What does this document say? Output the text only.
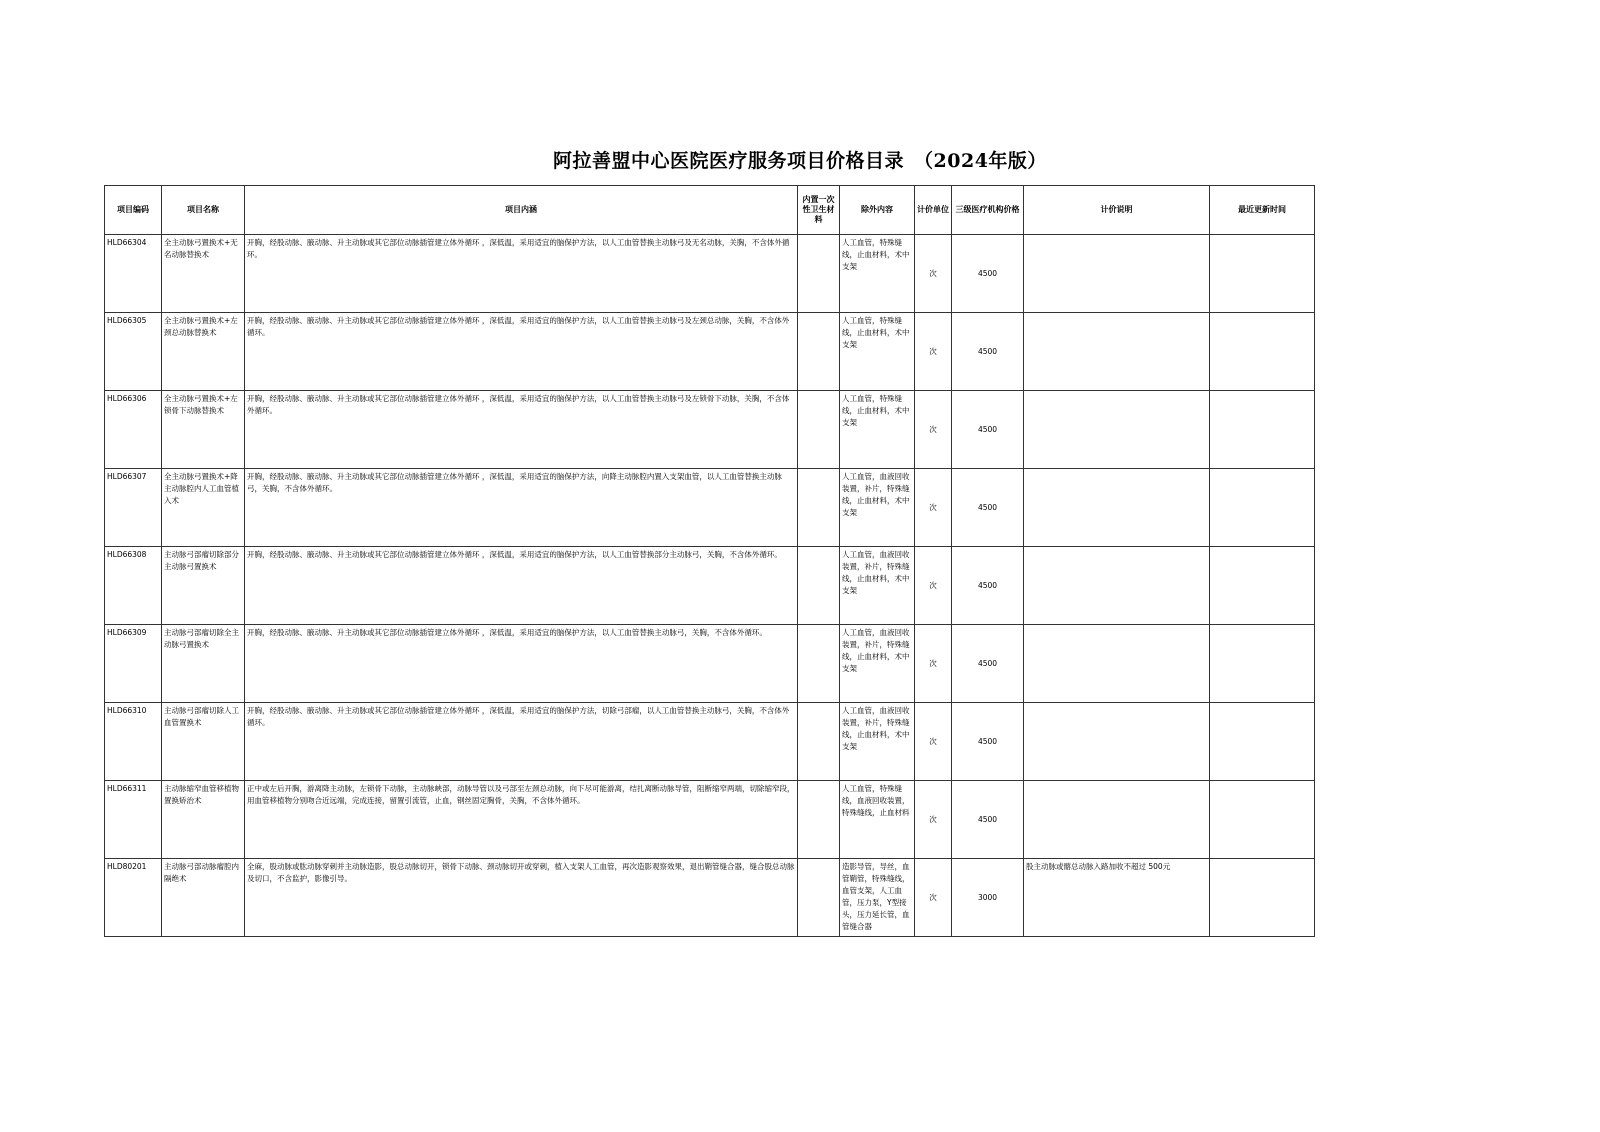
阿拉善盟中心医院医疗服务项目价格目录　（2024年版）
项目编码	项目名称	项目内涵	内置一次性卫生材料	除外内容	计价单位	三级医疗机构价格	计价说明	最近更新时间
HLD66304	全主动脉弓置换术+无名动脉替换术	开胸，经股动脉、腋动脉、升主动脉或其它部位动脉插管建立体外循环 ，深低温，采用适宜的脑保护方法，以人工血管替换主动脉弓及无名动脉，关胸，不含体外循环。		人工血管，特殊缝线，止血材料，术中支架	次	4500		
HLD66305	全主动脉弓置换术+左颈总动脉替换术	开胸，经股动脉、腋动脉、升主动脉或其它部位动脉插管建立体外循环 ，深低温，采用适宜的脑保护方法，以人工血管替换主动脉弓及左颈总动脉，关胸，不含体外循环。		人工血管，特殊缝线，止血材料，术中支架	次	4500		
HLD66306	全主动脉弓置换术+左锁骨下动脉替换术	开胸，经股动脉、腋动脉、升主动脉或其它部位动脉插管建立体外循环 ，深低温，采用适宜的脑保护方法，以人工血管替换主动脉弓及左锁骨下动脉，关胸，不含体外循环。		人工血管，特殊缝线，止血材料，术中支架	次	4500		
HLD66307	全主动脉弓置换术+降主动脉腔内人工血管植入术	开胸，经股动脉、腋动脉、升主动脉或其它部位动脉插管建立体外循环 ，深低温，采用适宜的脑保护方法，向降主动脉腔内置入支架血管，以人工血管替换主动脉弓，关胸，不含体外循环。		人工血管，血液回收装置，补片，特殊缝线，止血材料，术中支架	次	4500		
HLD66308	主动脉弓部瘤切除部分主动脉弓置换术	开胸，经股动脉、腋动脉、升主动脉或其它部位动脉插管建立体外循环 ，深低温，采用适宜的脑保护方法，以人工血管替换部分主动脉弓，关胸，不含体外循环。		人工血管，血液回收装置，补片，特殊缝线，止血材料，术中支架	次	4500		
HLD66309	主动脉弓部瘤切除全主动脉弓置换术	开胸，经股动脉、腋动脉、升主动脉或其它部位动脉插管建立体外循环 ，深低温，采用适宜的脑保护方法，以人工血管替换主动脉弓，关胸，不含体外循环。		人工血管，血液回收装置，补片，特殊缝线，止血材料，术中支架	次	4500		
HLD66310	主动脉弓部瘤切除人工血管置换术	开胸，经股动脉、腋动脉、升主动脉或其它部位动脉插管建立体外循环 ，深低温，采用适宜的脑保护方法，切除弓部瘤，以人工血管替换主动脉弓，关胸，不含体外循环。		人工血管，血液回收装置，补片，特殊缝线，止血材料，术中支架	次	4500		
HLD66311	主动脉缩窄血管移植物置换矫治术	正中或左后开胸，游离降主动脉，左锁骨下动脉，主动脉峡部，动脉导管以及弓部至左颈总动脉，向下尽可能游离，结扎离断动脉导管，阻断缩窄两端，切除缩窄段，用血管移植物分别吻合近远端，完成连接，留置引流管，止血，钢丝固定胸骨，关胸，不含体外循环。		人工血管，特殊缝线，血液回收装置，特殊缝线，止血材料	次	4500		
HLD80201	主动脉弓部动脉瘤腔内隔绝术	全麻，股动脉或肱动脉穿刺并主动脉造影，股总动脉切开，锁骨下动脉、颈动脉切开或穿刺，植入支架人工血管，再次造影观察效果，退出鞘管缝合器，缝合股总动脉及切口，不含监护，影像引导。		造影导管，导丝，血管鞘管，特殊缝线，血管支架，人工血管，压力泵，Y型接头，压力延长管，血管缝合器	次	3000	股主动脉或髂总动脉入路加收不超过 500元	
